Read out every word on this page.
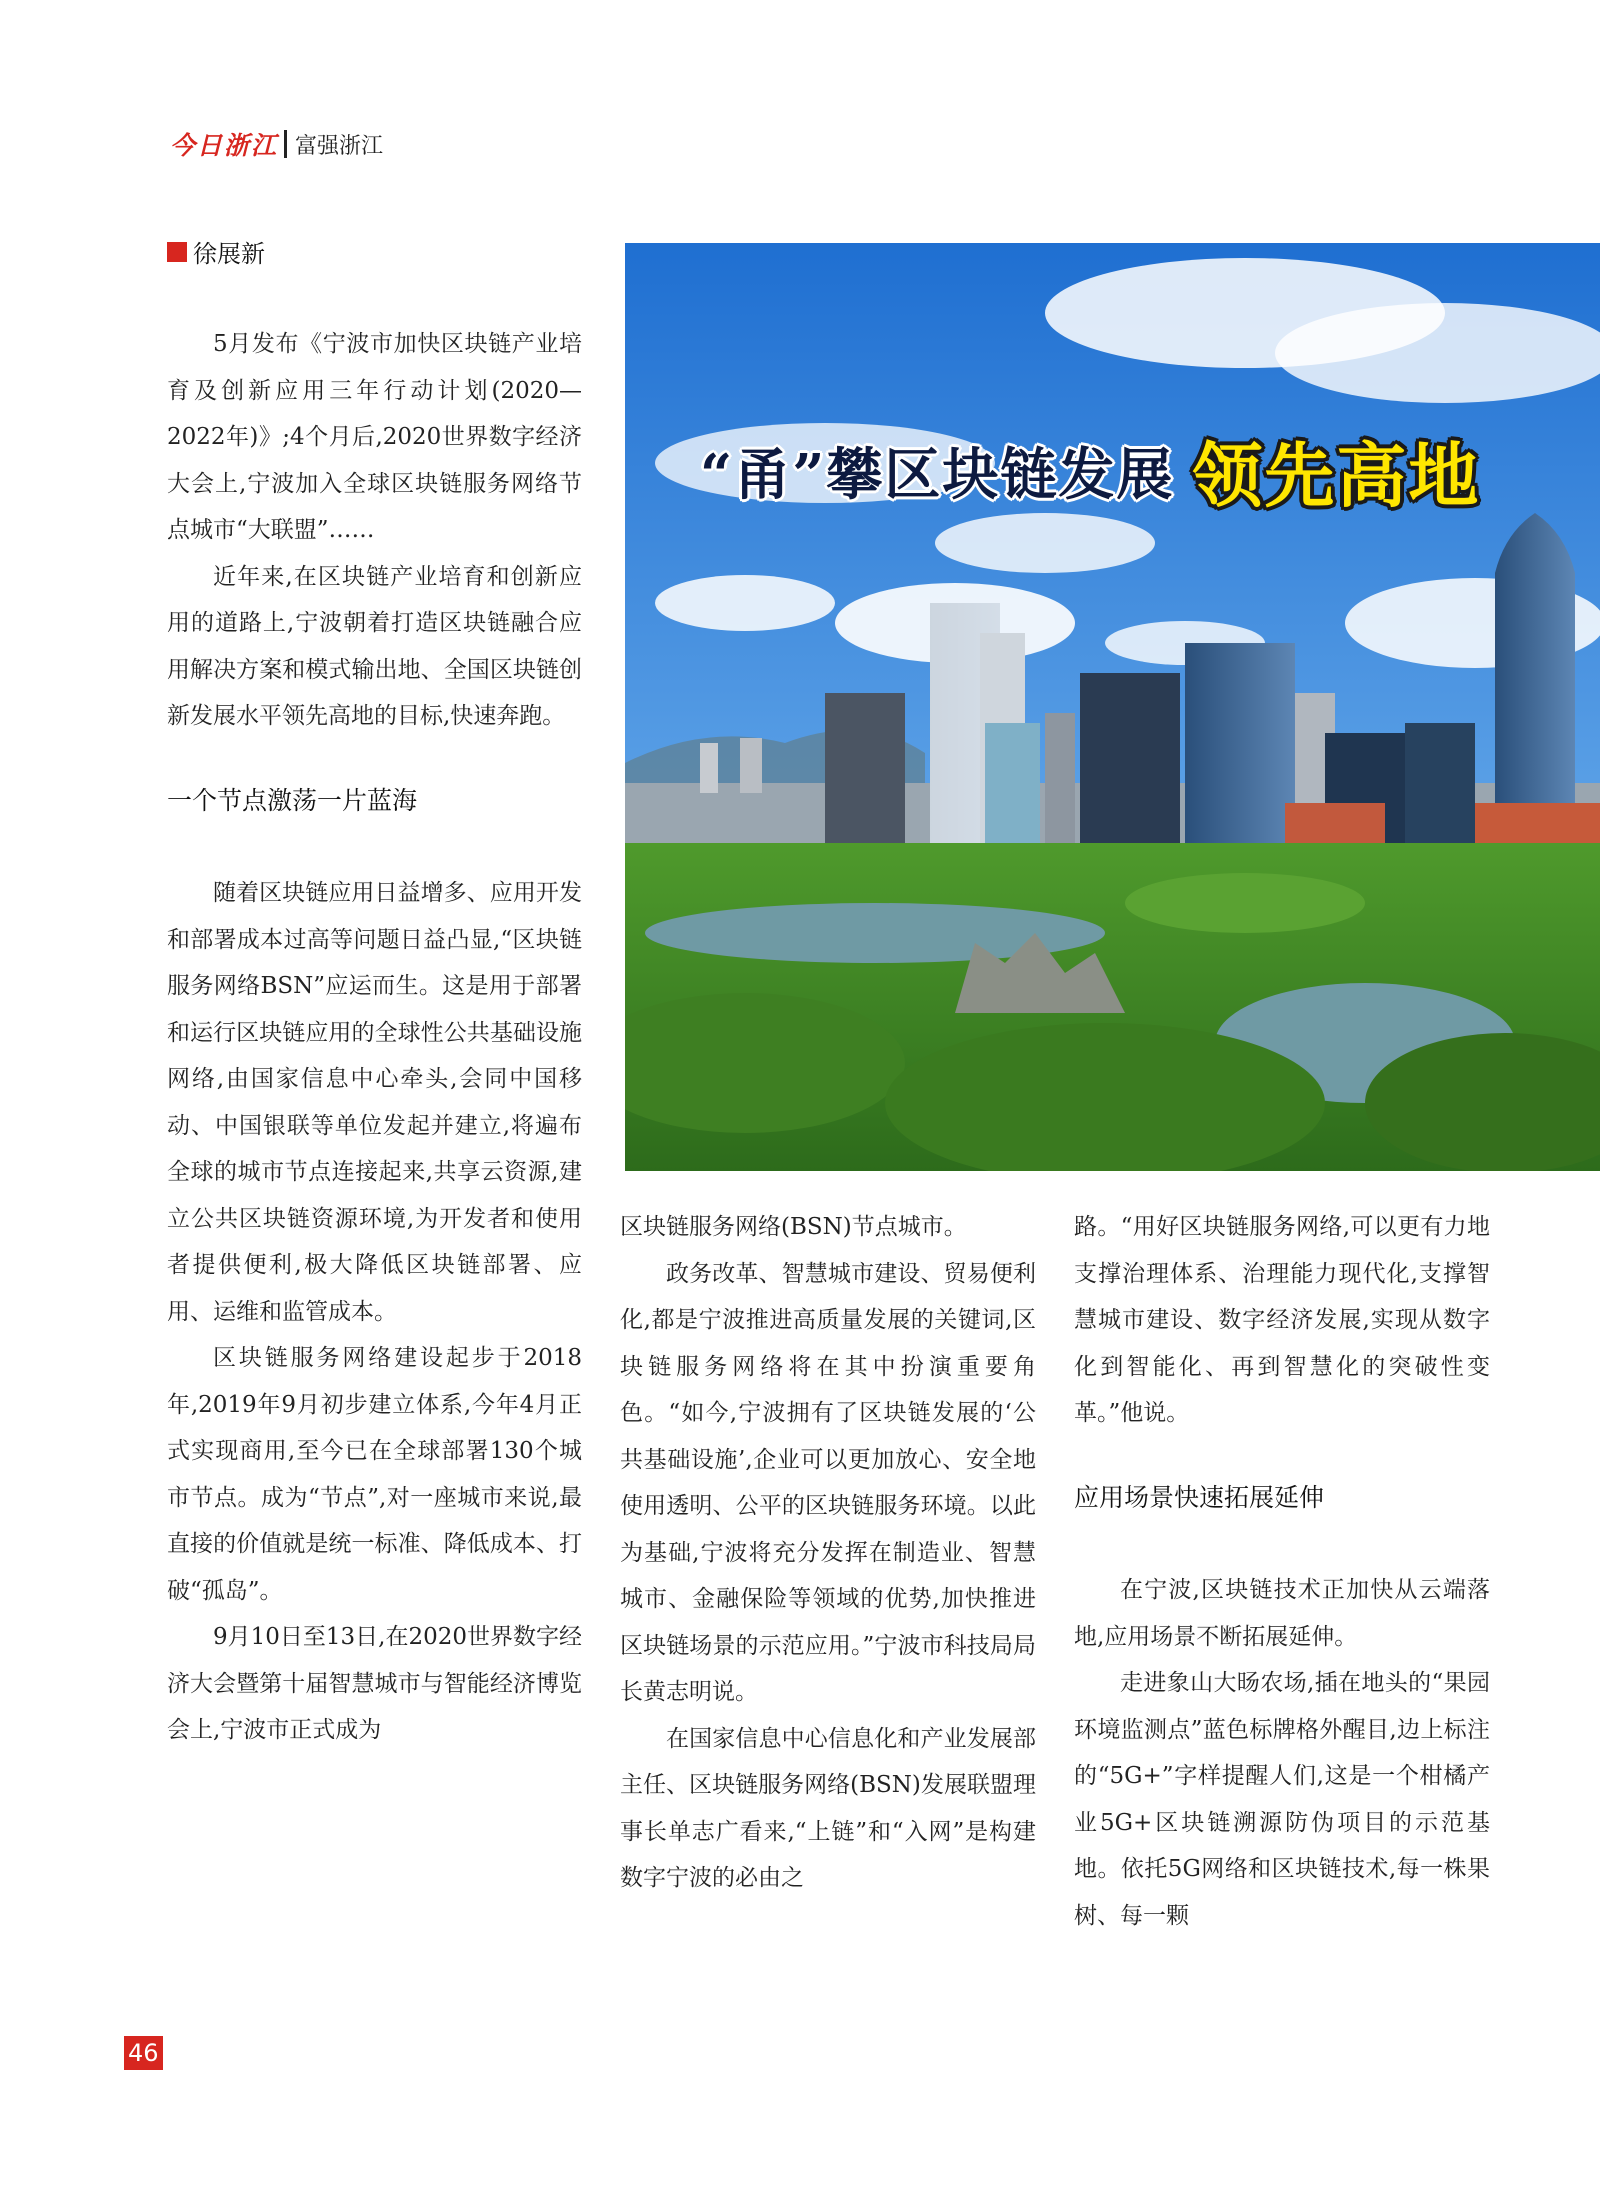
今日浙江 富强浙江
徐展新
“甬”攀区块链发展 领先高地

5月发布《宁波市加快区块链产业培育及创新应用三年行动计划(2020—2022年)》;4个月后,2020世界数字经济大会上,宁波加入全球区块链服务网络节点城市“大联盟”……

近年来,在区块链产业培育和创新应用的道路上,宁波朝着打造区块链融合应用解决方案和模式输出地、全国区块链创新发展水平领先高地的目标,快速奔跑。

一个节点激荡一片蓝海

随着区块链应用日益增多、应用开发和部署成本过高等问题日益凸显,“区块链服务网络BSN”应运而生。这是用于部署和运行区块链应用的全球性公共基础设施网络,由国家信息中心牵头,会同中国移动、中国银联等单位发起并建立,将遍布全球的城市节点连接起来,共享云资源,建立公共区块链资源环境,为开发者和使用者提供便利,极大降低区块链部署、应用、运维和监管成本。

区块链服务网络建设起步于2018年,2019年9月初步建立体系,今年4月正式实现商用,至今已在全球部署130个城市节点。成为“节点”,对一座城市来说,最直接的价值就是统一标准、降低成本、打破“孤岛”。

9月10日至13日,在2020世界数字经济大会暨第十届智慧城市与智能经济博览会上,宁波市正式成为

区块链服务网络(BSN)节点城市。

政务改革、智慧城市建设、贸易便利化,都是宁波推进高质量发展的关键词,区块链服务网络将在其中扮演重要角色。“如今,宁波拥有了区块链发展的‘公共基础设施’,企业可以更加放心、安全地使用透明、公平的区块链服务环境。以此为基础,宁波将充分发挥在制造业、智慧城市、金融保险等领域的优势,加快推进区块链场景的示范应用。”宁波市科技局局长黄志明说。

在国家信息中心信息化和产业发展部主任、区块链服务网络(BSN)发展联盟理事长单志广看来,“上链”和“入网”是构建数字宁波的必由之

路。“用好区块链服务网络,可以更有力地支撑治理体系、治理能力现代化,支撑智慧城市建设、数字经济发展,实现从数字化到智能化、再到智慧化的突破性变革。”他说。

应用场景快速拓展延伸

在宁波,区块链技术正加快从云端落地,应用场景不断拓展延伸。

走进象山大旸农场,插在地头的“果园环境监测点”蓝色标牌格外醒目,边上标注的“5G+”字样提醒人们,这是一个柑橘产业5G+区块链溯源防伪项目的示范基地。依托5G网络和区块链技术,每一株果树、每一颗

46
